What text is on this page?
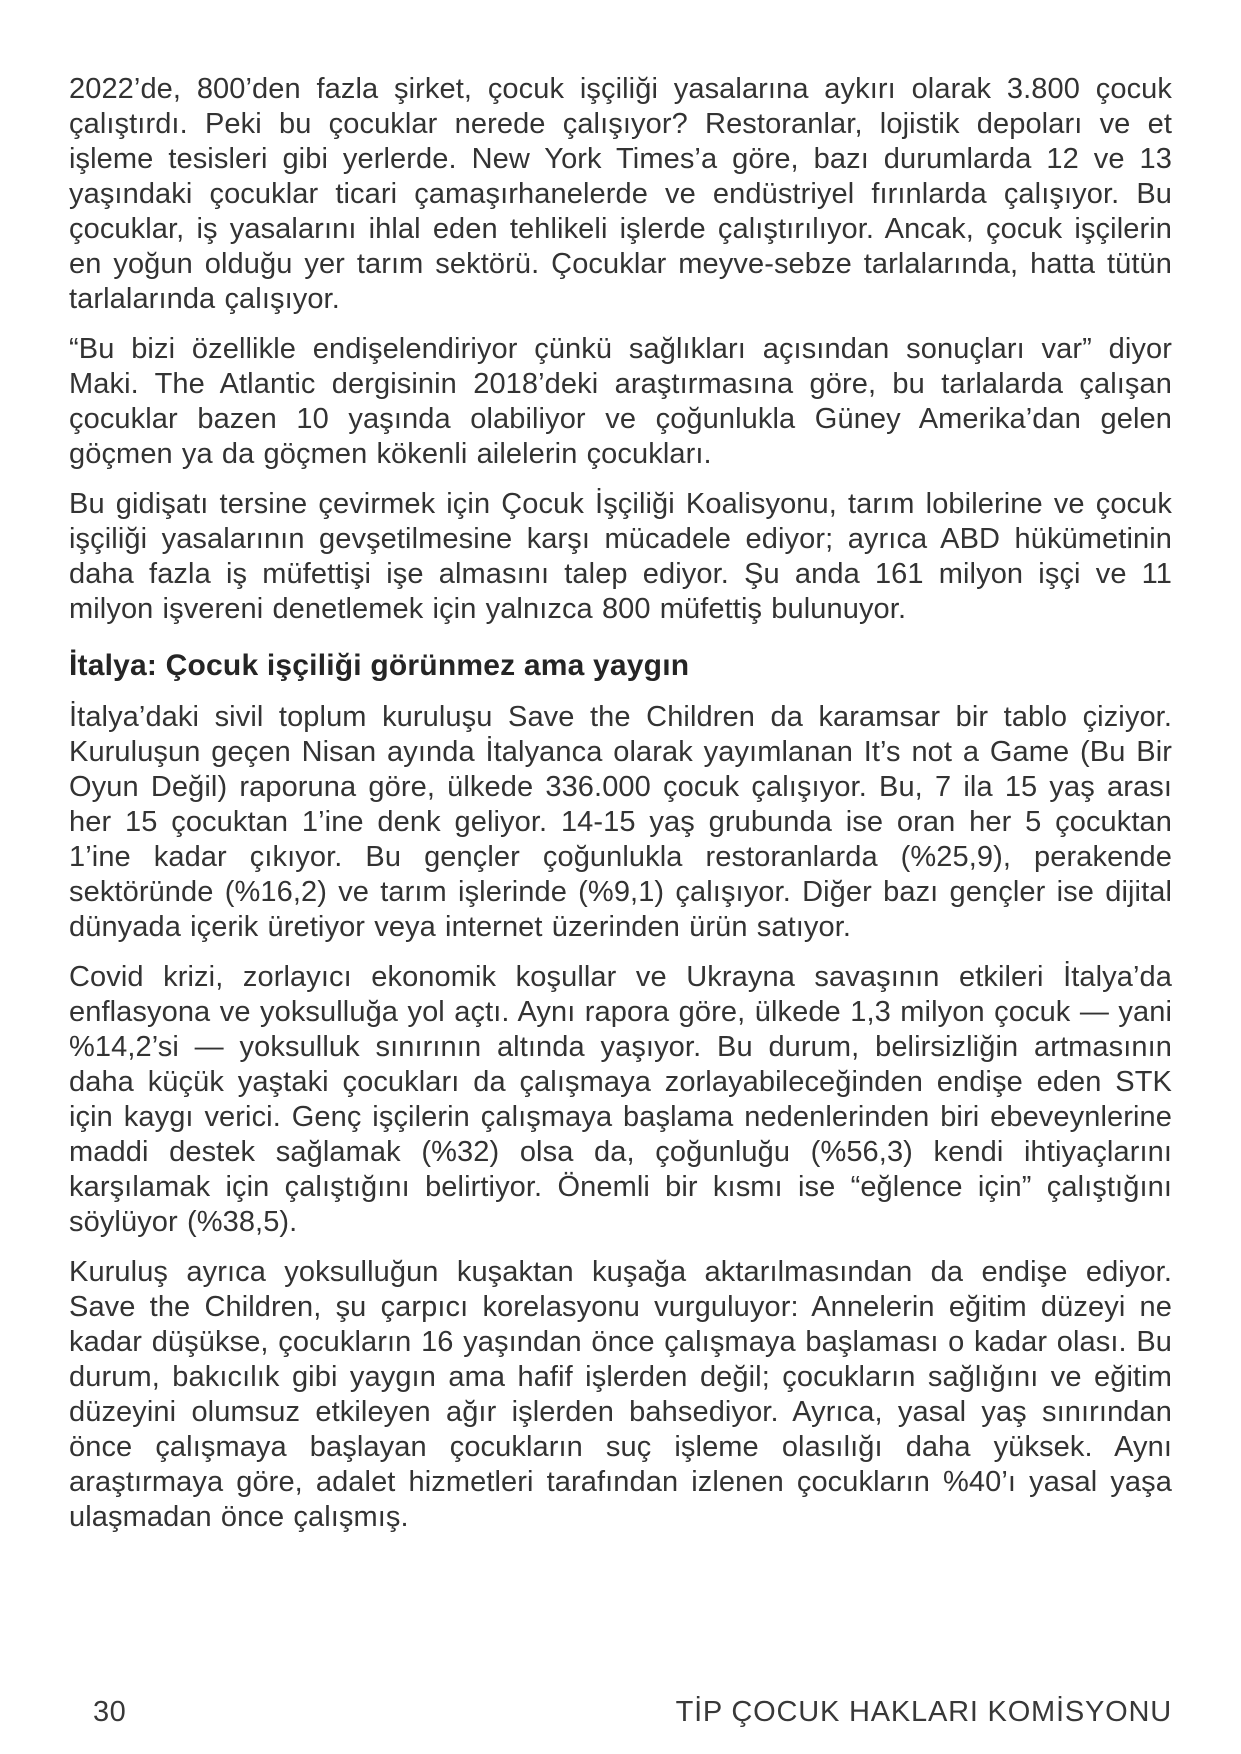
2022’de, 800’den fazla şirket, çocuk işçiliği yasalarına aykırı olarak 3.800 çocuk çalıştırdı. Peki bu çocuklar nerede çalışıyor? Restoranlar, lojistik depoları ve et işleme tesisleri gibi yerlerde. New York Times’a göre, bazı durumlarda 12 ve 13 yaşındaki çocuklar ticari çamaşırhanelerde ve endüstriyel fırınlarda çalışıyor. Bu çocuklar, iş yasalarını ihlal eden tehlikeli işlerde çalıştırılıyor. Ancak, çocuk işçilerin en yoğun olduğu yer tarım sektörü. Çocuklar meyve-sebze tarlalarında, hatta tütün tarlalarında çalışıyor.

“Bu bizi özellikle endişelendiriyor çünkü sağlıkları açısından sonuçları var” diyor Maki. The Atlantic dergisinin 2018’deki araştırmasına göre, bu tarlalarda çalışan çocuklar bazen 10 yaşında olabiliyor ve çoğunlukla Güney Amerika’dan gelen göçmen ya da göçmen kökenli ailelerin çocukları.

Bu gidişatı tersine çevirmek için Çocuk İşçiliği Koalisyonu, tarım lobilerine ve çocuk işçiliği yasalarının gevşetilmesine karşı mücadele ediyor; ayrıca ABD hükümetinin daha fazla iş müfettişi işe almasını talep ediyor. Şu anda 161 milyon işçi ve 11 milyon işvereni denetlemek için yalnızca 800 müfettiş bulunuyor.

İtalya: Çocuk işçiliği görünmez ama yaygın

İtalya’daki sivil toplum kuruluşu Save the Children da karamsar bir tablo çiziyor. Kuruluşun geçen Nisan ayında İtalyanca olarak yayımlanan It’s not a Game (Bu Bir Oyun Değil) raporuna göre, ülkede 336.000 çocuk çalışıyor. Bu, 7 ila 15 yaş arası her 15 çocuktan 1’ine denk geliyor. 14-15 yaş grubunda ise oran her 5 çocuktan 1’ine kadar çıkıyor. Bu gençler çoğunlukla restoranlarda (%25,9), perakende sektöründe (%16,2) ve tarım işlerinde (%9,1) çalışıyor. Diğer bazı gençler ise dijital dünyada içerik üretiyor veya internet üzerinden ürün satıyor.

Covid krizi, zorlayıcı ekonomik koşullar ve Ukrayna savaşının etkileri İtalya’da enflasyona ve yoksulluğa yol açtı. Aynı rapora göre, ülkede 1,3 milyon çocuk — yani %14,2’si — yoksulluk sınırının altında yaşıyor. Bu durum, belirsizliğin artmasının daha küçük yaştaki çocukları da çalışmaya zorlayabileceğinden endişe eden STK için kaygı verici. Genç işçilerin çalışmaya başlama nedenlerinden biri ebeveynlerine maddi destek sağlamak (%32) olsa da, çoğunluğu (%56,3) kendi ihtiyaçlarını karşılamak için çalıştığını belirtiyor. Önemli bir kısmı ise “eğlence için” çalıştığını söylüyor (%38,5).

Kuruluş ayrıca yoksulluğun kuşaktan kuşağa aktarılmasından da endişe ediyor. Save the Children, şu çarpıcı korelasyonu vurguluyor: Annelerin eğitim düzeyi ne kadar düşükse, çocukların 16 yaşından önce çalışmaya başlaması o kadar olası. Bu durum, bakıcılık gibi yaygın ama hafif işlerden değil; çocukların sağlığını ve eğitim düzeyini olumsuz etkileyen ağır işlerden bahsediyor. Ayrıca, yasal yaş sınırından önce çalışmaya başlayan çocukların suç işleme olasılığı daha yüksek. Aynı araştırmaya göre, adalet hizmetleri tarafından izlenen çocukların %40’ı yasal yaşa ulaşmadan önce çalışmış.

30	TİP ÇOCUK HAKLARI KOMİSYONU
